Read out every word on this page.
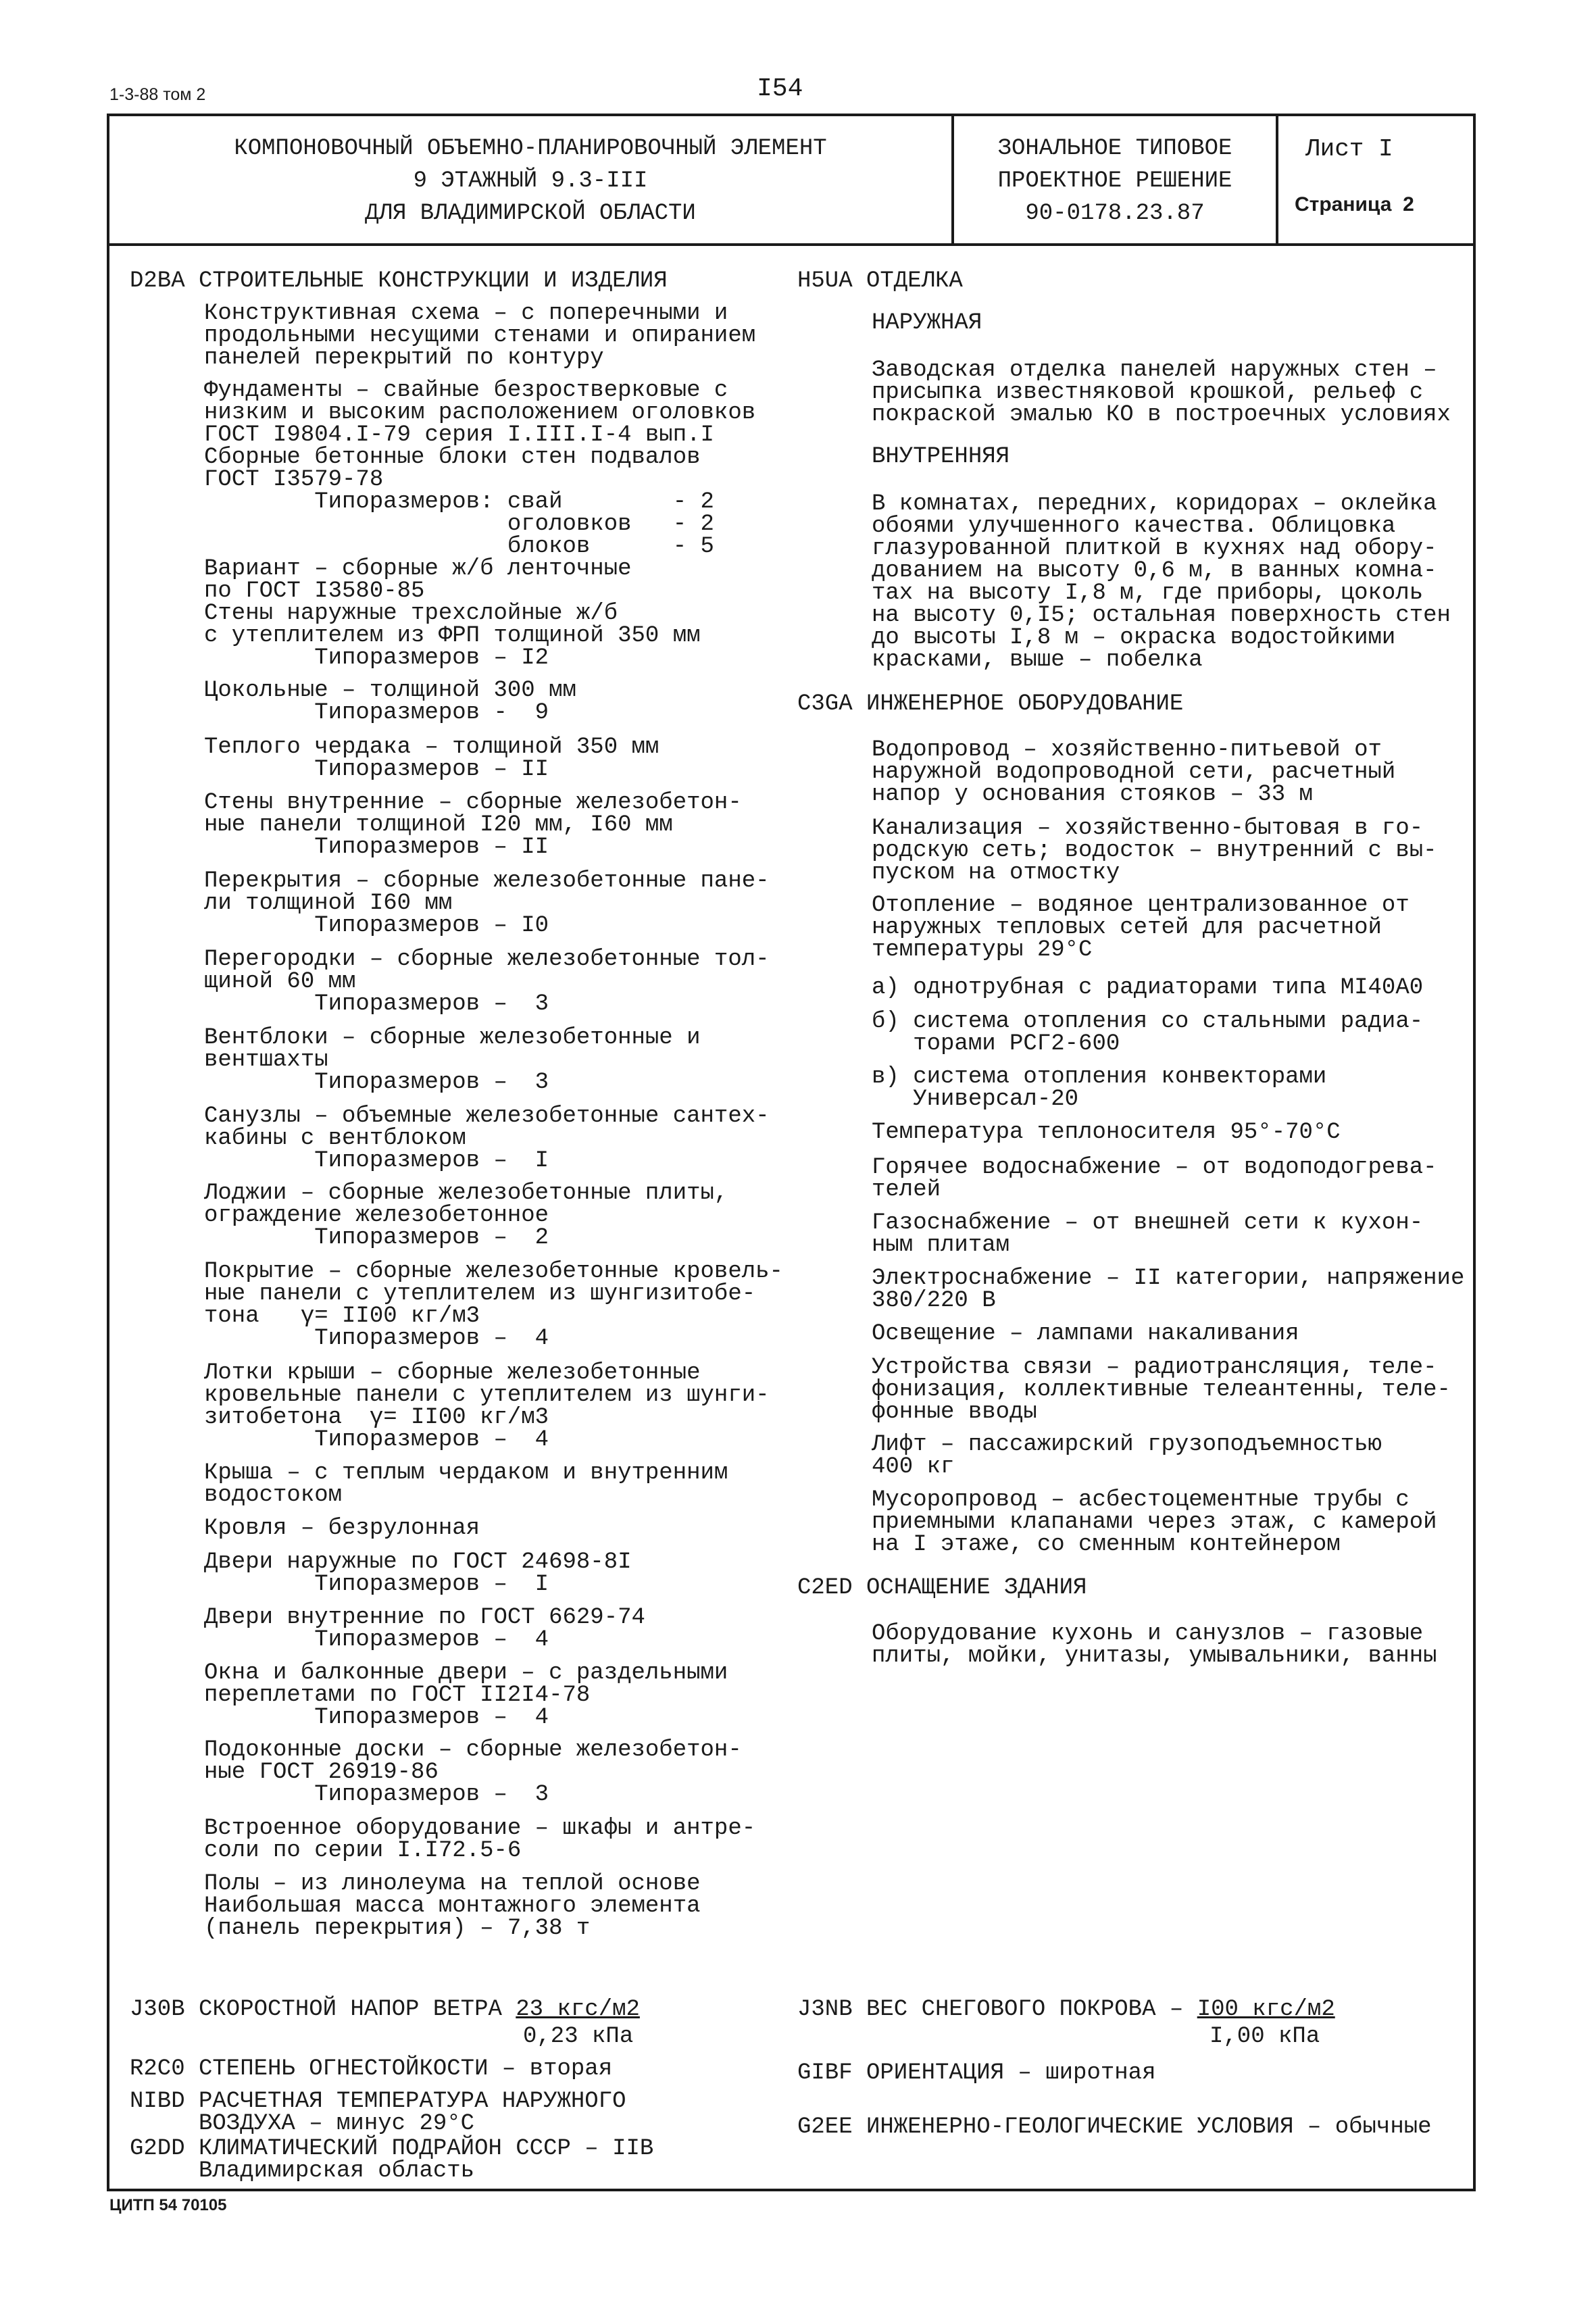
1-3-88 том 2	I54
КОМПОНОВОЧНЫЙ ОБЪЕМНО-ПЛАНИРОВОЧНЫЙ ЭЛЕМЕНТ
9 ЭТАЖНЫЙ 9.3-III
ДЛЯ ВЛАДИМИРСКОЙ ОБЛАСТИ
ЗОНАЛЬНОЕ ТИПОВОЕ
ПРОЕКТНОЕ РЕШЕНИЕ
90-0178.23.87
Лист I
Страница  2
D2BA СТРОИТЕЛЬНЫЕ КОНСТРУКЦИИ И ИЗДЕЛИЯ
Конструктивная схема – с поперечными и
продольными несущими стенами и опиранием
панелей перекрытий по контуру
Фундаменты – свайные безростверковые с
низким и высоким расположением оголовков
ГОСТ I9804.I-79 серия I.III.I-4 вып.I
Сборные бетонные блоки стен подвалов
ГОСТ I3579-78
Типоразмеров: свай        - 2
оголовков   - 2
блоков      - 5
Вариант – сборные ж/б ленточные
по ГОСТ I3580-85
Стены наружные трехслойные ж/б
с утеплителем из ФРП толщиной 350 мм
Типоразмеров – I2
Цокольные – толщиной 300 мм
Типоразмеров -  9
Теплого чердака – толщиной 350 мм
Типоразмеров – II
Стены внутренние – сборные железобетон-
ные панели толщиной I20 мм, I60 мм
Типоразмеров – II
Перекрытия – сборные железобетонные пане-
ли толщиной I60 мм
Типоразмеров – I0
Перегородки – сборные железобетонные тол-
щиной 60 мм
Типоразмеров –  3
Вентблоки – сборные железобетонные и
вентшахты
Типоразмеров –  3
Санузлы – объемные железобетонные сантех-
кабины с вентблоком
Типоразмеров –  I
Лоджии – сборные железобетонные плиты,
ограждение железобетонное
Типоразмеров –  2
Покрытие – сборные железобетонные кровель-
ные панели с утеплителем из шунгизитобе-
тона   γ= II00 кг/м3
Типоразмеров –  4
Лотки крыши – сборные железобетонные
кровельные панели с утеплителем из шунги-
зитобетона  γ= II00 кг/м3
Типоразмеров –  4
Крыша – с теплым чердаком и внутренним
водостоком
Кровля – безрулонная
Двери наружные по ГОСТ 24698-8I
Типоразмеров –  I
Двери внутренние по ГОСТ 6629-74
Типоразмеров –  4
Окна и балконные двери – с раздельными
переплетами по ГОСТ II2I4-78
Типоразмеров –  4
Подоконные доски – сборные железобетон-
ные ГОСТ 26919-86
Типоразмеров –  3
Встроенное оборудование – шкафы и антре-
соли по серии I.I72.5-6
Полы – из линолеума на теплой основе
Наибольшая масса монтажного элемента
(панель перекрытия) – 7,38 т
H5UA ОТДЕЛКА
НАРУЖНАЯ
Заводская отделка панелей наружных стен –
присыпка известняковой крошкой, рельеф с
покраской эмалью КО в построечных условиях
ВНУТРЕННЯЯ
В комнатах, передних, коридорах – оклейка
обоями улучшенного качества. Облицовка
глазурованной плиткой в кухнях над обору-
дованием на высоту 0,6 м, в ванных комна-
тах на высоту I,8 м, где приборы, цоколь
на высоту 0,I5; остальная поверхность стен
до высоты I,8 м – окраска водостойкими
красками, выше – побелка
C3GA ИНЖЕНЕРНОЕ ОБОРУДОВАНИЕ
Водопровод – хозяйственно-питьевой от
наружной водопроводной сети, расчетный
напор у основания стояков – 33 м
Канализация – хозяйственно-бытовая в го-
родскую сеть; водосток – внутренний с вы-
пуском на отмостку
Отопление – водяное централизованное от
наружных тепловых сетей для расчетной
температуры 29°С
а) однотрубная с радиаторами типа МI40А0
б) система отопления со стальными радиа-
торами РСГ2-600
в) система отопления конвекторами
Универсал-20
Температура теплоносителя 95°-70°С
Горячее водоснабжение – от водоподогрева-
телей
Газоснабжение – от внешней сети к кухон-
ным плитам
Электроснабжение – II категории, напряжение
380/220 В
Освещение – лампами накаливания
Устройства связи – радиотрансляция, теле-
фонизация, коллективные телеантенны, теле-
фонные вводы
Лифт – пассажирский грузоподъемностью
400 кг
Мусоропровод – асбестоцементные трубы с
приемными клапанами через этаж, с камерой
на I этаже, со сменным контейнером
C2ED ОСНАЩЕНИЕ ЗДАНИЯ
Оборудование кухонь и санузлов – газовые
плиты, мойки, унитазы, умывальники, ванны
J30B СКОРОСТНОЙ НАПОР ВЕТРА 23 кгс/м2
0,23 кПа
R2C0 СТЕПЕНЬ ОГНЕСТОЙКОСТИ – вторая
NIBD РАСЧЕТНАЯ ТЕМПЕРАТУРА НАРУЖНОГО
ВОЗДУХА – минус 29°С
G2DD КЛИМАТИЧЕСКИЙ ПОДРАЙОН СССР – IIВ
Владимирская область
J3NB ВЕС СНЕГОВОГО ПОКРОВА – I00 кгс/м2
I,00 кПа
GIBF ОРИЕНТАЦИЯ – широтная
G2EE ИНЖЕНЕРНО-ГЕОЛОГИЧЕСКИЕ УСЛОВИЯ – обычные
ЦИТП 54 70105
